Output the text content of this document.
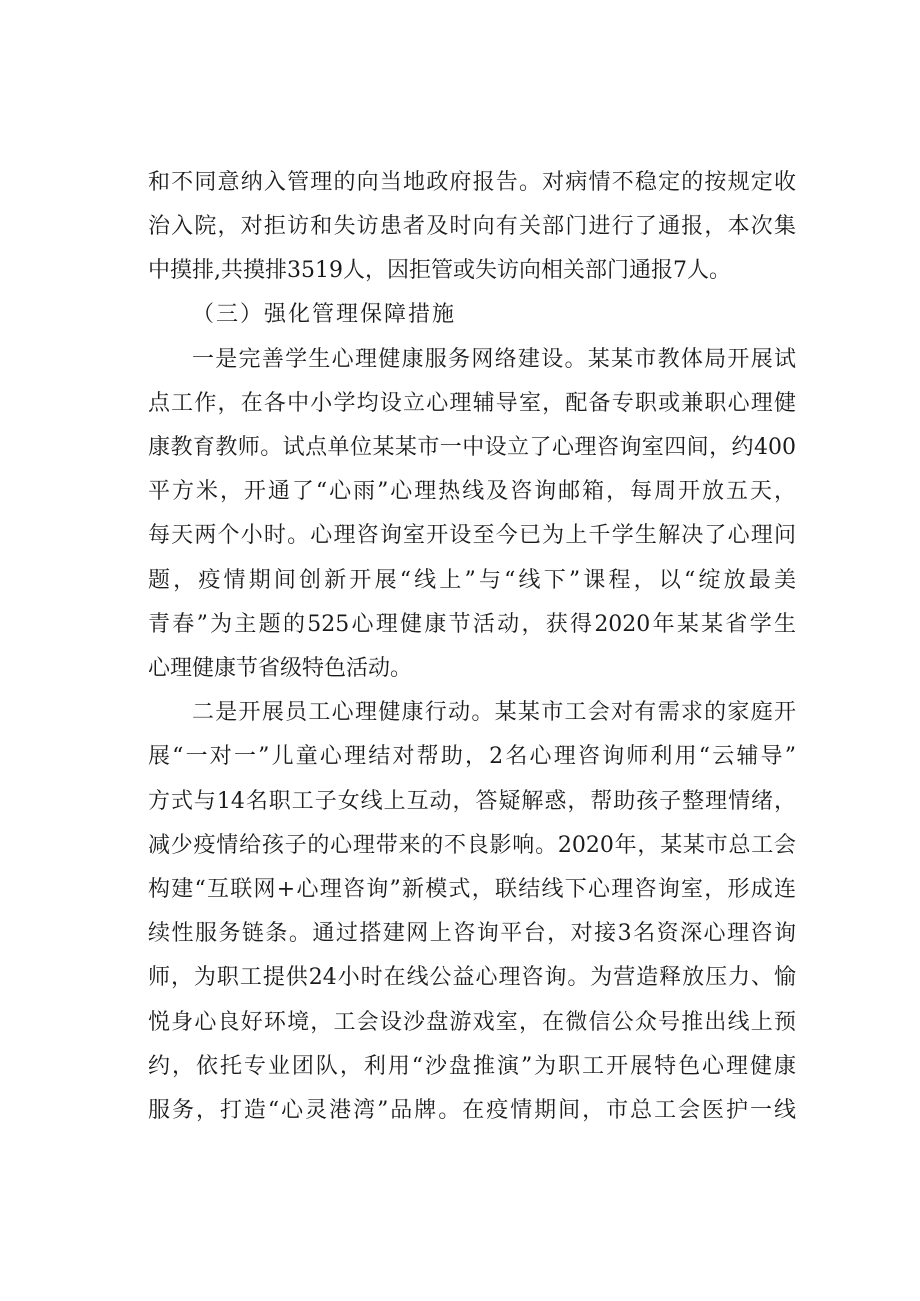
和不同意纳入管理的向当地政府报告。对病情不稳定的按规定收
治入院，对拒访和失访患者及时向有关部门进行了通报，本次集
中摸排,共摸排3519人，因拒管或失访向相关部门通报7人。
（三）强化管理保障措施
一是完善学生心理健康服务网络建设。某某市教体局开展试
点工作，在各中小学均设立心理辅导室，配备专职或兼职心理健
康教育教师。试点单位某某市一中设立了心理咨询室四间，约400
平方米，开通了“心雨”心理热线及咨询邮箱，每周开放五天，
每天两个小时。心理咨询室开设至今已为上千学生解决了心理问
题，疫情期间创新开展“线上”与“线下”课程，以“绽放最美
青春”为主题的525心理健康节活动，获得2020年某某省学生
心理健康节省级特色活动。
二是开展员工心理健康行动。某某市工会对有需求的家庭开
展“一对一”儿童心理结对帮助，2名心理咨询师利用“云辅导”
方式与14名职工子女线上互动，答疑解惑，帮助孩子整理情绪，
减少疫情给孩子的心理带来的不良影响。2020年，某某市总工会
构建“互联网+心理咨询”新模式，联结线下心理咨询室，形成连
续性服务链条。通过搭建网上咨询平台，对接3名资深心理咨询
师，为职工提供24小时在线公益心理咨询。为营造释放压力、愉
悦身心良好环境，工会设沙盘游戏室，在微信公众号推出线上预
约，依托专业团队，利用“沙盘推演”为职工开展特色心理健康
服务，打造“心灵港湾”品牌。在疫情期间，市总工会医护一线
